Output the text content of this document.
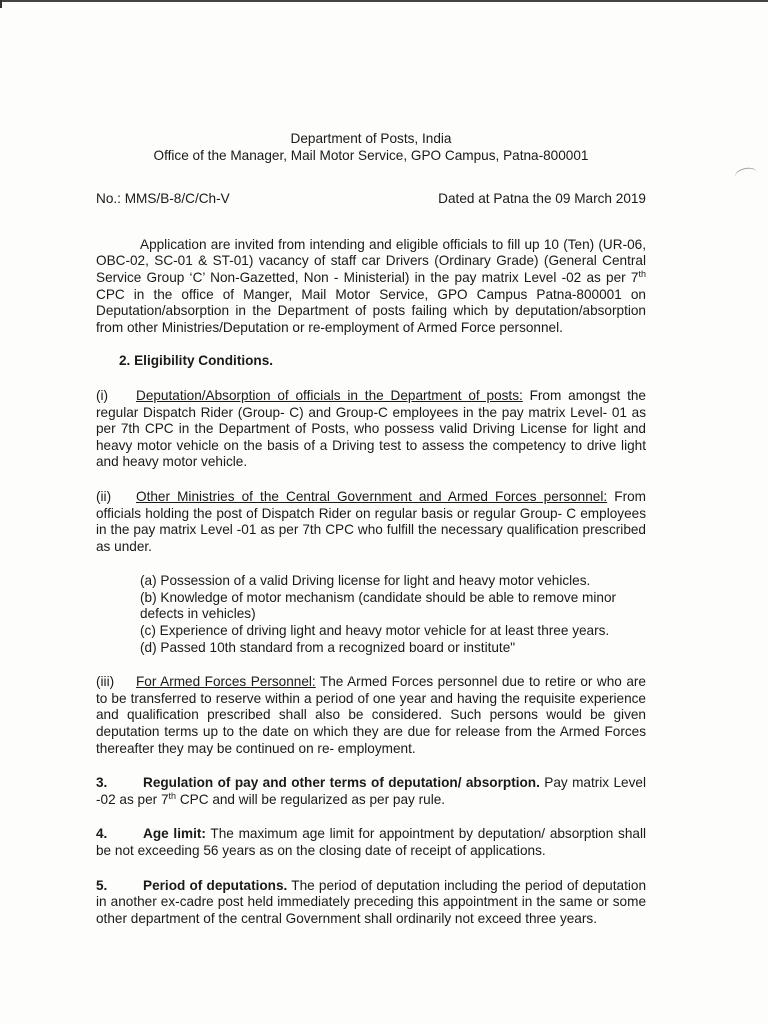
Department of Posts, India
Office of the Manager, Mail Motor Service, GPO Campus, Patna-800001
No.: MMS/B-8/C/Ch-V	Dated at Patna the 09 March 2019
Application are invited from intending and eligible officials to fill up 10 (Ten) (UR-06, OBC-02, SC-01 & ST-01) vacancy of staff car Drivers (Ordinary Grade) (General Central Service Group ‘C’ Non-Gazetted, Non - Ministerial) in the pay matrix Level -02 as per 7th CPC in the office of Manger, Mail Motor Service, GPO Campus Patna-800001 on Deputation/absorption in the Department of posts failing which by deputation/absorption from other Ministries/Deputation or re-employment of Armed Force personnel.
2. Eligibility Conditions.
(i) Deputation/Absorption of officials in the Department of posts: From amongst the regular Dispatch Rider (Group- C) and Group-C employees in the pay matrix Level- 01 as per 7th CPC in the Department of Posts, who possess valid Driving License for light and heavy motor vehicle on the basis of a Driving test to assess the competency to drive light and heavy motor vehicle.
(ii) Other Ministries of the Central Government and Armed Forces personnel: From officials holding the post of Dispatch Rider on regular basis or regular Group- C employees in the pay matrix Level -01 as per 7th CPC who fulfill the necessary qualification prescribed as under.
(a) Possession of a valid Driving license for light and heavy motor vehicles.
(b) Knowledge of motor mechanism (candidate should be able to remove minor defects in vehicles)
(c) Experience of driving light and heavy motor vehicle for at least three years.
(d) Passed 10th standard from a recognized board or institute"
(iii) For Armed Forces Personnel: The Armed Forces personnel due to retire or who are to be transferred to reserve within a period of one year and having the requisite experience and qualification prescribed shall also be considered. Such persons would be given deputation terms up to the date on which they are due for release from the Armed Forces thereafter they may be continued on re- employment.
3.	Regulation of pay and other terms of deputation/ absorption. Pay matrix Level -02 as per 7th CPC and will be regularized as per pay rule.
4.	Age limit: The maximum age limit for appointment by deputation/ absorption shall be not exceeding 56 years as on the closing date of receipt of applications.
5.	Period of deputations. The period of deputation including the period of deputation in another ex-cadre post held immediately preceding this appointment in the same or some other department of the central Government shall ordinarily not exceed three years.
